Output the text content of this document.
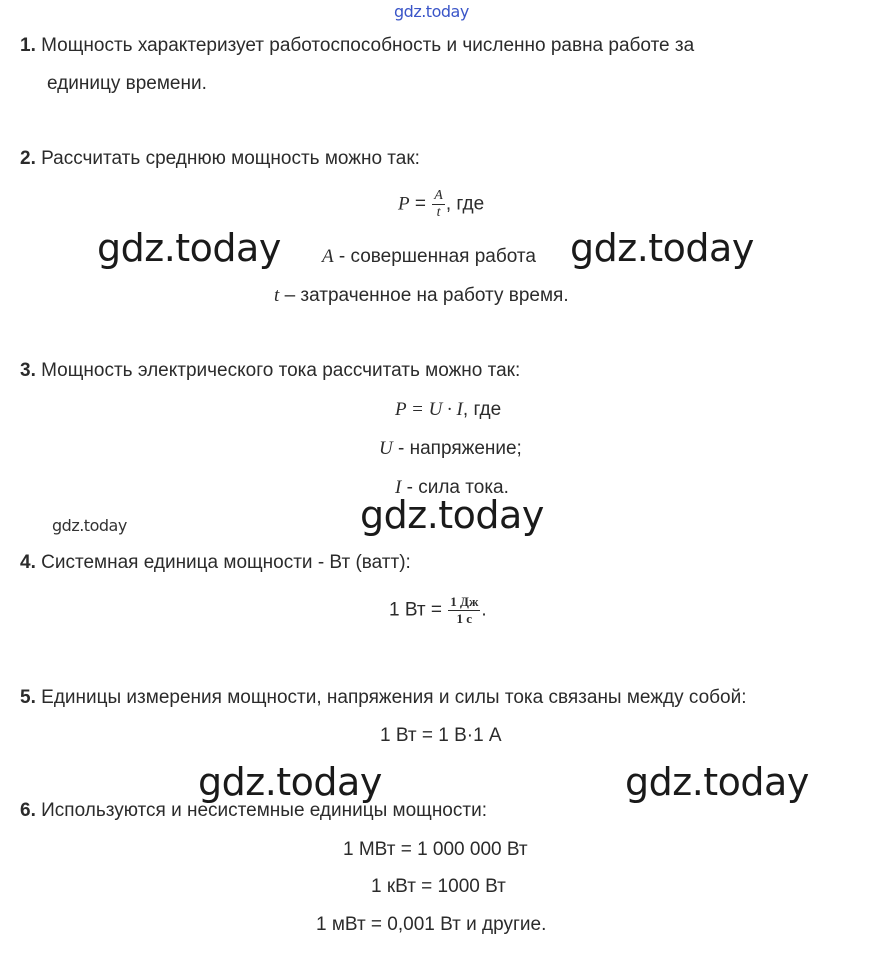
gdz.today
1. Мощность характеризует работоспособность и численно равна работе за
единицу времени.
2. Рассчитать среднюю мощность можно так:
$P = \frac{A}{t}$ , где
A - совершенная работа
t – затраченное на работу время.
gdz.today	gdz.today
3. Мощность электрического тока рассчитать можно так:
P = U · I, где
U - напряжение;
I - сила тока.
gdz.today	gdz.today
4. Системная единица мощности - Вт (ватт):
1 Вт = $\frac{1 Дж}{1 с}$ .
5. Единицы измерения мощности, напряжения и силы тока связаны между собой:
1 Вт = 1 В·1 А
gdz.today	gdz.today
6. Используются и несистемные единицы мощности:
1 МВт = 1 000 000 Вт
1 кВт = 1000 Вт
1 мВт = 0,001 Вт и другие.
